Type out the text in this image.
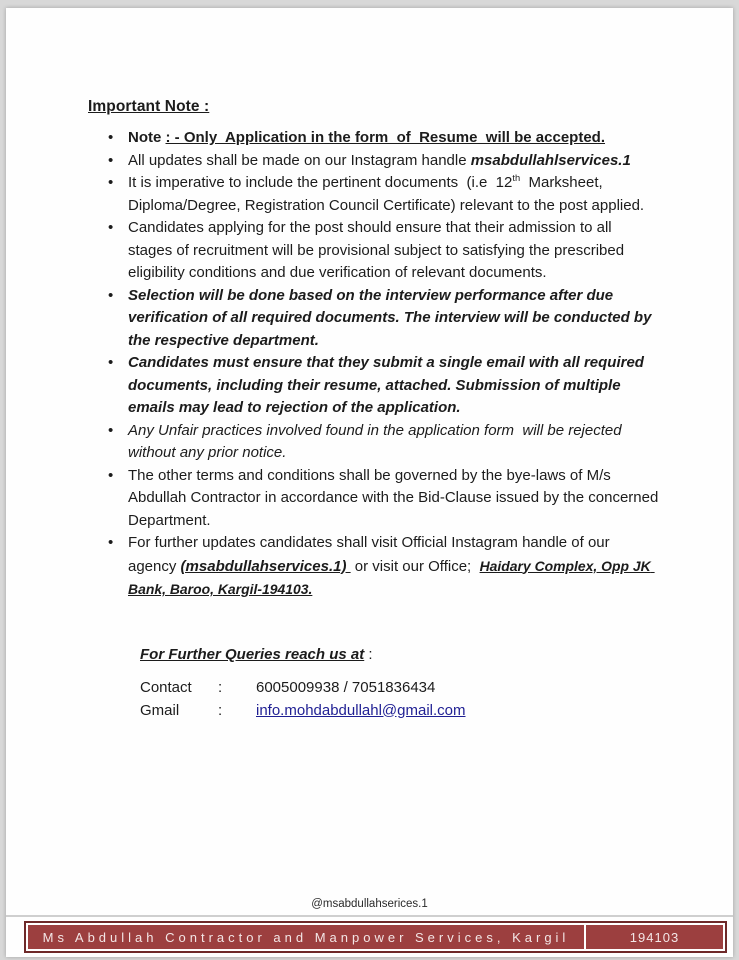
Important Note :
• Note : - Only  Application in the form  of  Resume  will be accepted.
• All updates shall be made on our Instagram handle msabdullahlservices.1
• It is imperative to include the pertinent documents  (i.e  12th  Marksheet, Diploma/Degree, Registration Council Certificate) relevant to the post applied.
• Candidates applying for the post should ensure that their admission to all stages of recruitment will be provisional subject to satisfying the prescribed eligibility conditions and due verification of relevant documents.
• Selection will be done based on the interview performance after due verification of all required documents. The interview will be conducted by the respective department.
• Candidates must ensure that they submit a single email with all required documents, including their resume, attached. Submission of multiple emails may lead to rejection of the application.
• Any Unfair practices involved found in the application form  will be rejected without any prior notice.
• The other terms and conditions shall be governed by the bye-laws of M/s Abdullah Contractor in accordance with the Bid-Clause issued by the concerned Department.
• For further updates candidates shall visit Official Instagram handle of our agency (msabdullahservices.1)  or visit our Office;  Haidary Complex, Opp JK Bank, Baroo, Kargil-194103.
For Further Queries reach us at :
Contact	:	6005009938 / 7051836434
Gmail	:	info.mohdabdullahl@gmail.com
@msabdullahserices.1
Ms Abdullah Contractor and Manpower Services, Kargil	194103
